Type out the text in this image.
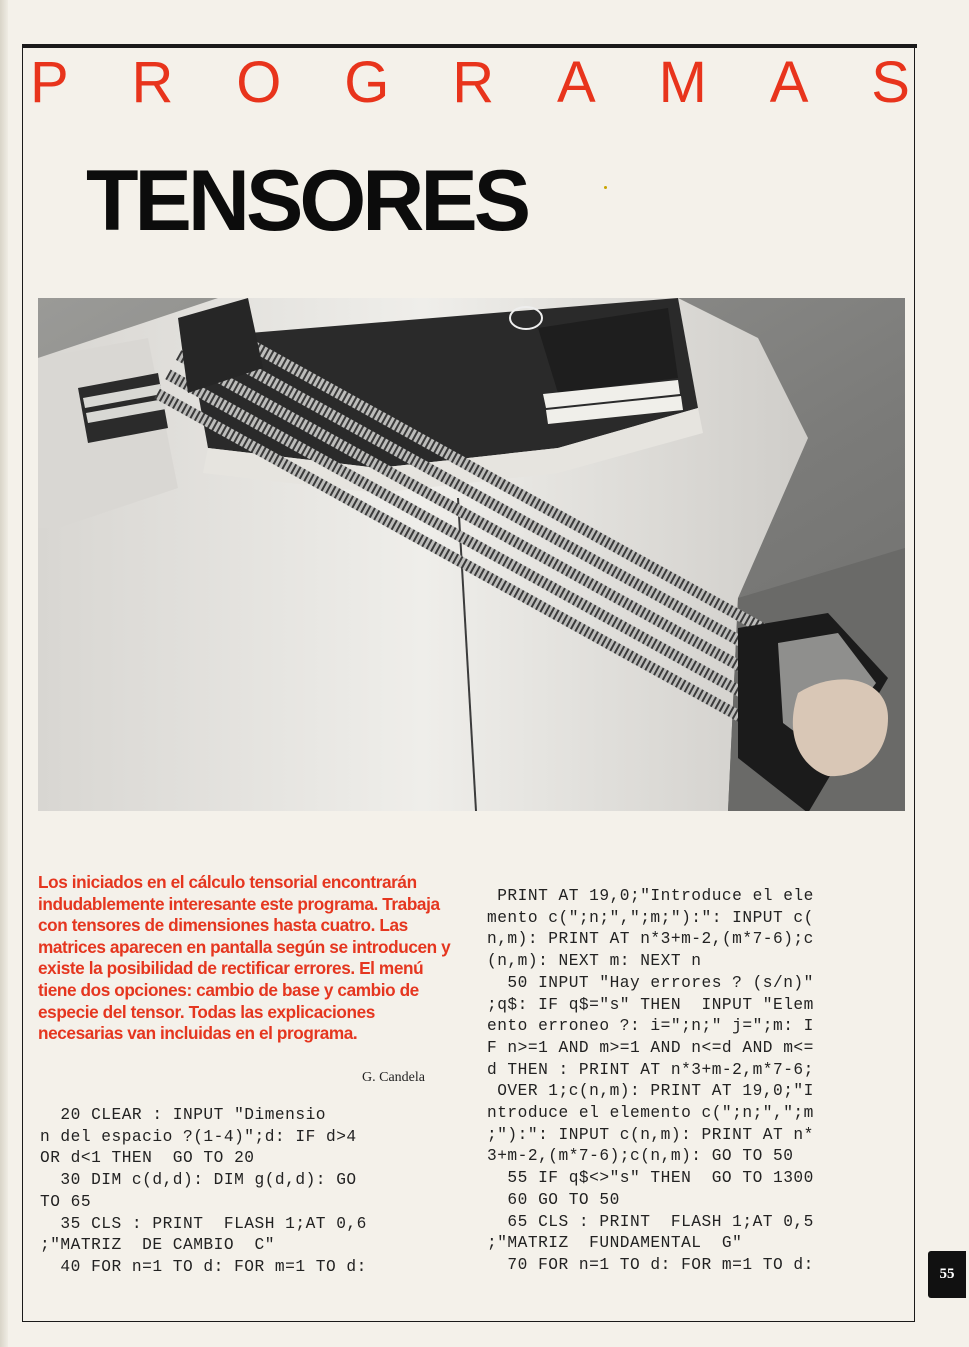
P R O G R A M A S
TENSORES
Los iniciados en el cálculo tensorial encontrarán indudablemente interesante este programa. Trabaja con tensores de dimensiones hasta cuatro. Las matrices aparecen en pantalla según se introducen y existe la posibilidad de rectificar errores. El menú tiene dos opciones: cambio de base y cambio de especie del tensor. Todas las explicaciones necesarias van incluidas en el programa.
G. Candela
20 CLEAR : INPUT "Dimensio
n del espacio ?(1-4)";d: IF d>4
OR d<1 THEN  GO TO 20
30 DIM c(d,d): DIM g(d,d): GO
TO 65
35 CLS : PRINT  FLASH 1;AT 0,6
;"MATRIZ  DE CAMBIO  C"
40 FOR n=1 TO d: FOR m=1 TO d:
PRINT AT 19,0;"Introduce el ele
mento c(";n;",";m;"):": INPUT c(
n,m): PRINT AT n*3+m-2,(m*7-6);c
(n,m): NEXT m: NEXT n
50 INPUT "Hay errores ? (s/n)"
;q$: IF q$="s" THEN  INPUT "Elem
ento erroneo ?: i=";n;" j=";m: I
F n>=1 AND m>=1 AND n<=d AND m<=
d THEN : PRINT AT n*3+m-2,m*7-6;
OVER 1;c(n,m): PRINT AT 19,0;"I
ntroduce el elemento c(";n;",";m
;"):": INPUT c(n,m): PRINT AT n*
3+m-2,(m*7-6);c(n,m): GO TO 50
55 IF q$<>"s" THEN  GO TO 1300
60 GO TO 50
65 CLS : PRINT  FLASH 1;AT 0,5
;"MATRIZ  FUNDAMENTAL  G"
70 FOR n=1 TO d: FOR m=1 TO d:
55
